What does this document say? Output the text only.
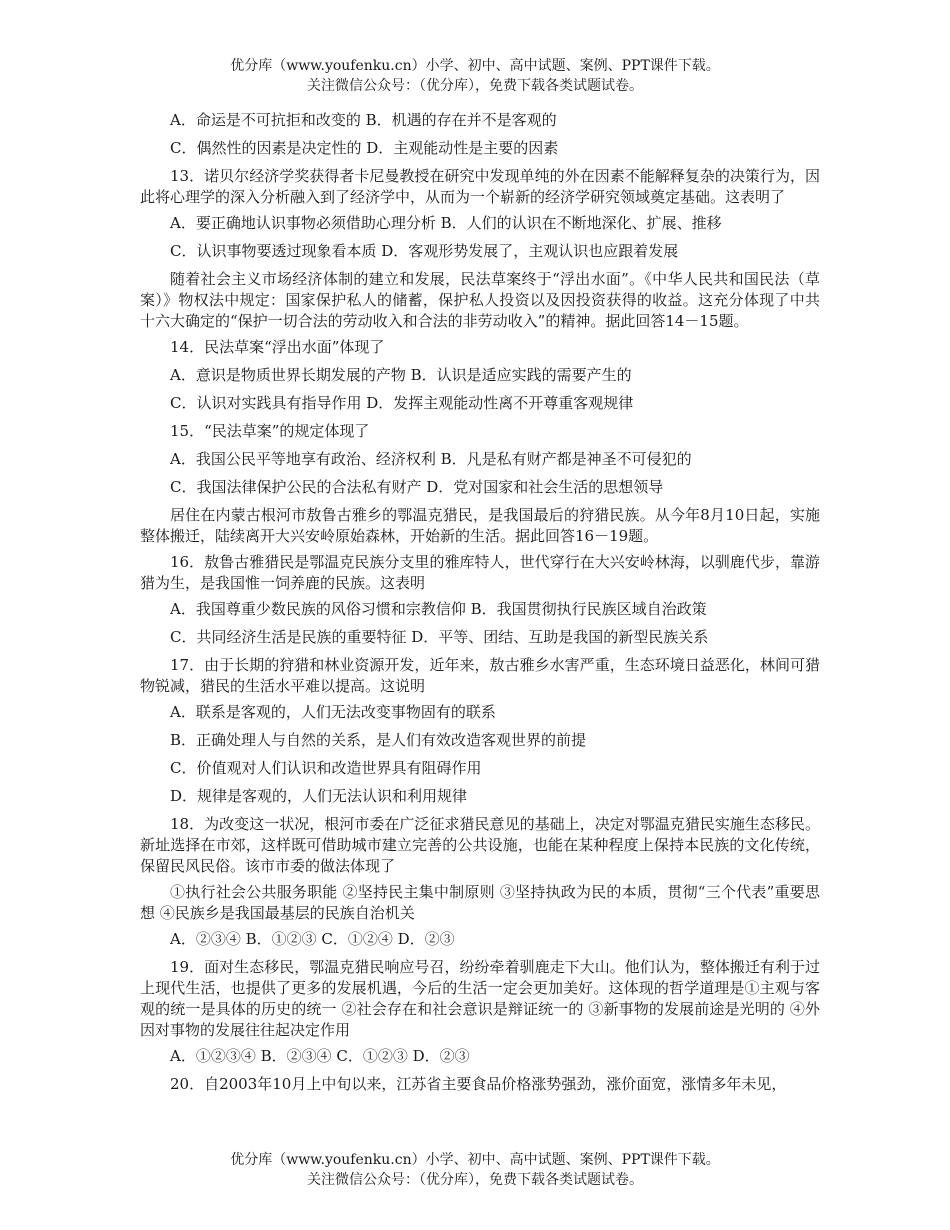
优分库（www.youfenku.cn）小学、初中、高中试题、案例、PPT课件下载。
关注微信公众号：（优分库），免费下载各类试题试卷。

A．命运是不可抗拒和改变的 B．机遇的存在并不是客观的

C．偶然性的因素是决定性的 D．主观能动性是主要的因素

13．诺贝尔经济学奖获得者卡尼曼教授在研究中发现单纯的外在因素不能解释复杂的决策行为，因此将心理学的深入分析融入到了经济学中，从而为一个崭新的经济学研究领域奠定基础。这表明了

A．要正确地认识事物必须借助心理分析 B．人们的认识在不断地深化、扩展、推移

C．认识事物要透过现象看本质 D．客观形势发展了，主观认识也应跟着发展

随着社会主义市场经济体制的建立和发展，民法草案终于“浮出水面”。《中华人民共和国民法（草案）》物权法中规定：国家保护私人的储蓄，保护私人投资以及因投资获得的收益。这充分体现了中共十六大确定的“保护一切合法的劳动收入和合法的非劳动收入”的精神。据此回答14－15题。

14．民法草案“浮出水面”体现了

A．意识是物质世界长期发展的产物 B．认识是适应实践的需要产生的

C．认识对实践具有指导作用 D．发挥主观能动性离不开尊重客观规律

15．“民法草案”的规定体现了

A．我国公民平等地享有政治、经济权利 B．凡是私有财产都是神圣不可侵犯的

C．我国法律保护公民的合法私有财产 D．党对国家和社会生活的思想领导

居住在内蒙古根河市敖鲁古雅乡的鄂温克猎民，是我国最后的狩猎民族。从今年8月10日起，实施整体搬迁，陆续离开大兴安岭原始森林，开始新的生活。据此回答16－19题。

16．敖鲁古雅猎民是鄂温克民族分支里的雅库特人，世代穿行在大兴安岭林海，以驯鹿代步，靠游猎为生，是我国惟一饲养鹿的民族。这表明

A．我国尊重少数民族的风俗习惯和宗教信仰 B．我国贯彻执行民族区域自治政策

C．共同经济生活是民族的重要特征 D．平等、团结、互助是我国的新型民族关系

17．由于长期的狩猎和林业资源开发，近年来，敖古雅乡水害严重，生态环境日益恶化，林间可猎物锐减，猎民的生活水平难以提高。这说明

A．联系是客观的，人们无法改变事物固有的联系

B．正确处理人与自然的关系，是人们有效改造客观世界的前提

C．价值观对人们认识和改造世界具有阻碍作用

D．规律是客观的，人们无法认识和利用规律

18．为改变这一状况，根河市委在广泛征求猎民意见的基础上，决定对鄂温克猎民实施生态移民。新址选择在市郊，这样既可借助城市建立完善的公共设施，也能在某种程度上保持本民族的文化传统，保留民风民俗。该市市委的做法体现了

①执行社会公共服务职能 ②坚持民主集中制原则 ③坚持执政为民的本质，贯彻“三个代表”重要思想 ④民族乡是我国最基层的民族自治机关

A．②③④ B．①②③ C．①②④ D．②③

19．面对生态移民，鄂温克猎民响应号召，纷纷牵着驯鹿走下大山。他们认为，整体搬迁有利于过上现代生活，也提供了更多的发展机遇，今后的生活一定会更加美好。这体现的哲学道理是①主观与客观的统一是具体的历史的统一 ②社会存在和社会意识是辩证统一的 ③新事物的发展前途是光明的 ④外因对事物的发展往往起决定作用

A．①②③④ B．②③④ C．①②③ D．②③

20．自2003年10月上中旬以来，江苏省主要食品价格涨势强劲，涨价面宽，涨情多年未见，

优分库（www.youfenku.cn）小学、初中、高中试题、案例、PPT课件下载。
关注微信公众号：（优分库），免费下载各类试题试卷。
